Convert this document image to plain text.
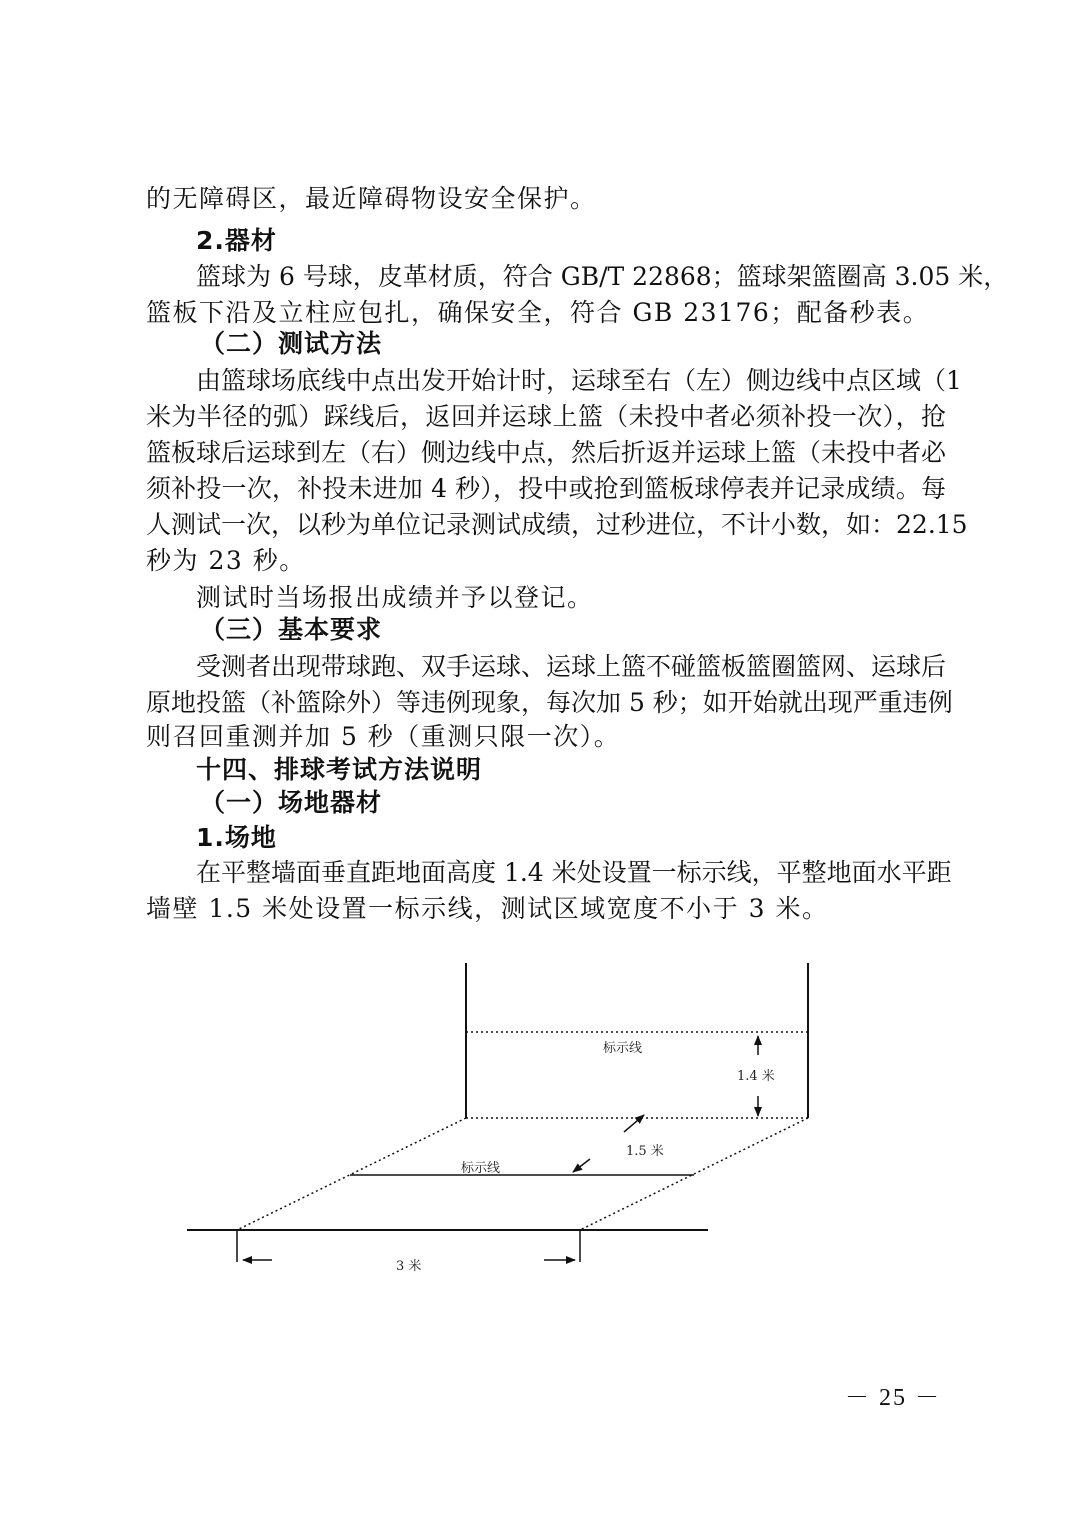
的无障碍区，最近障碍物设安全保护。
2.器材
篮球为 6 号球，皮革材质，符合 GB/T 22868；篮球架篮圈高 3.05 米，
篮板下沿及立柱应包扎，确保安全，符合 GB 23176；配备秒表。
（二）测试方法
由篮球场底线中点出发开始计时，运球至右（左）侧边线中点区域（1
米为半径的弧）踩线后，返回并运球上篮（未投中者必须补投一次），抢
篮板球后运球到左（右）侧边线中点，然后折返并运球上篮（未投中者必
须补投一次，补投未进加 4 秒），投中或抢到篮板球停表并记录成绩。每
人测试一次，以秒为单位记录测试成绩，过秒进位，不计小数，如：22.15
秒为 23 秒。
测试时当场报出成绩并予以登记。
（三）基本要求
受测者出现带球跑、双手运球、运球上篮不碰篮板篮圈篮网、运球后
原地投篮（补篮除外）等违例现象，每次加 5 秒；如开始就出现严重违例
则召回重测并加 5 秒（重测只限一次）。
十四、排球考试方法说明
（一）场地器材
1.场地
在平整墙面垂直距地面高度 1.4 米处设置一标示线，平整地面水平距
墙壁 1.5 米处设置一标示线，测试区域宽度不小于 3 米。
标示线
1.4 米
标示线
1.5 米
3 米
－ 25 －
